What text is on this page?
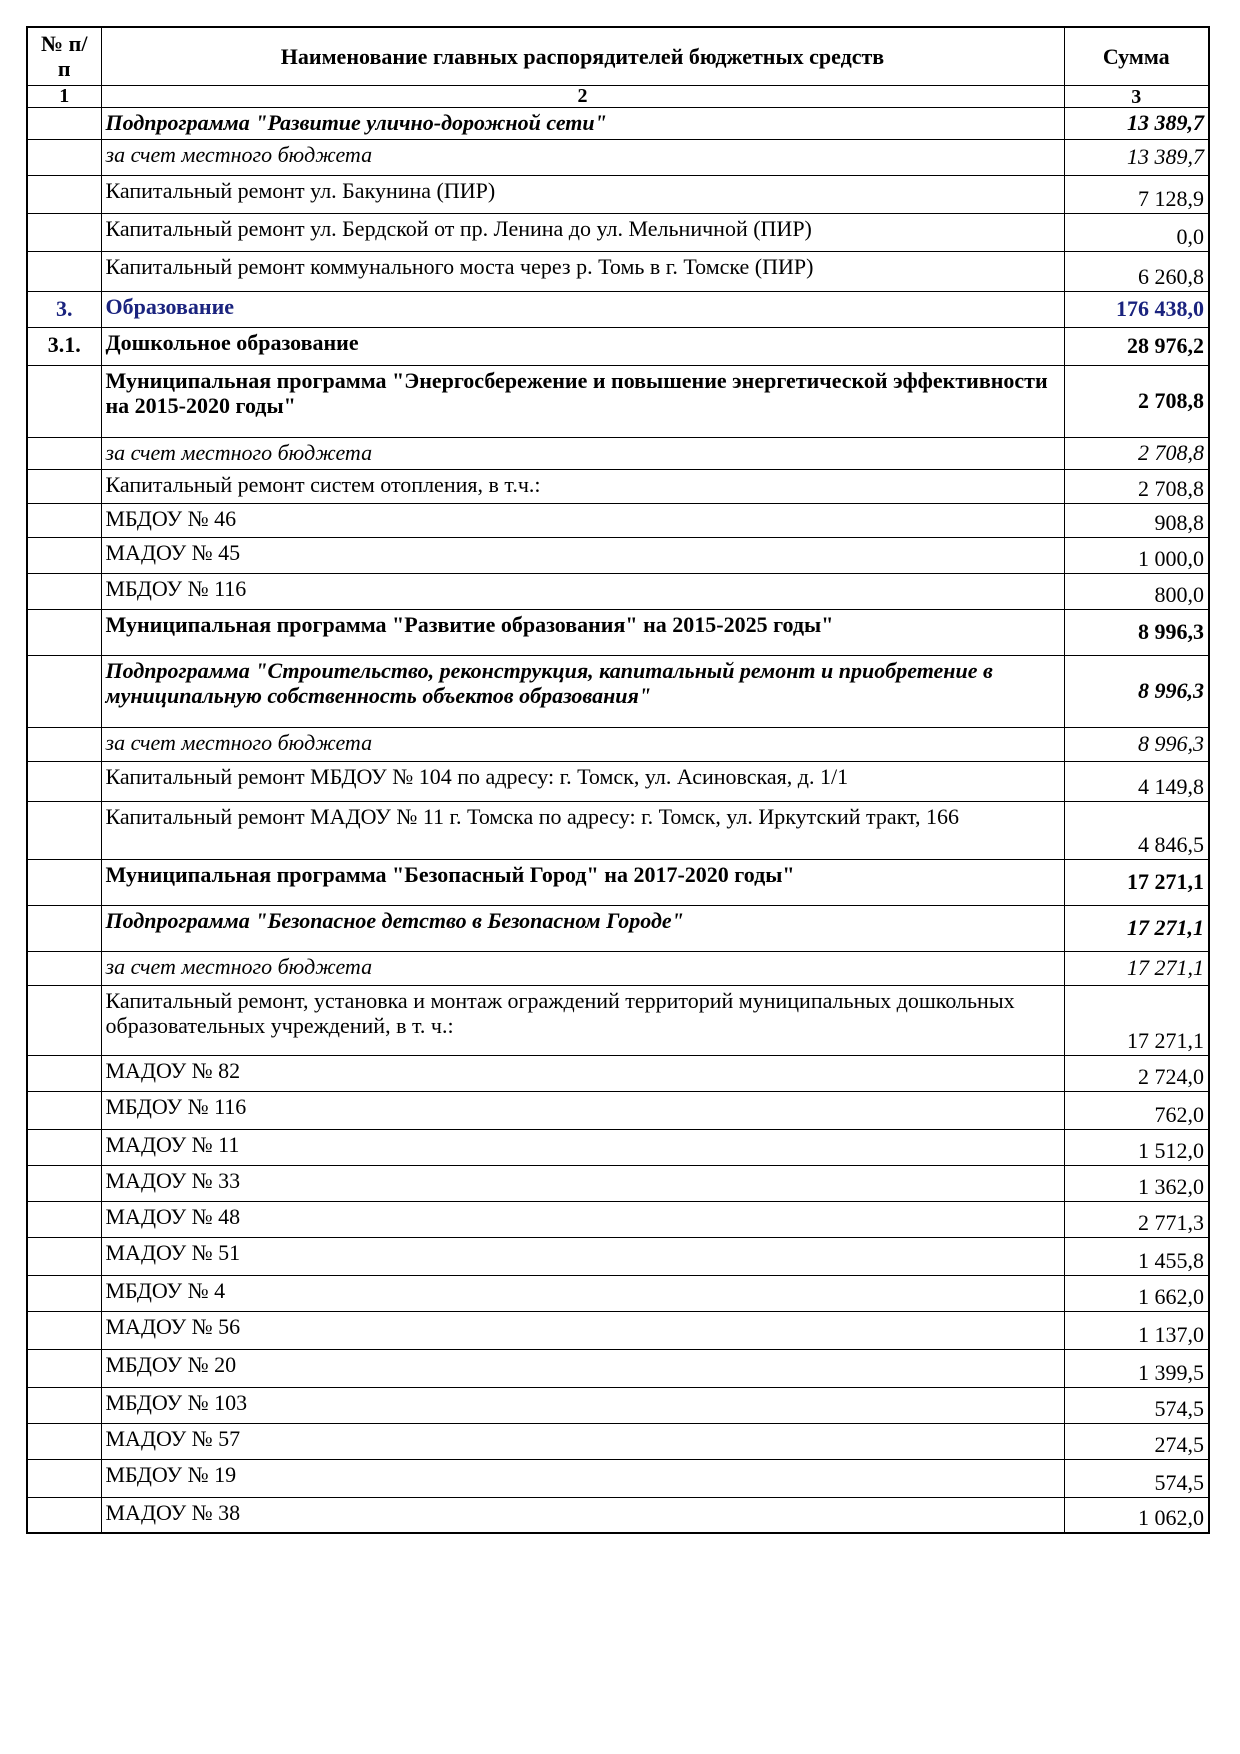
№ п/п	Наименование главных распорядителей бюджетных средств	Сумма
1	2	3
	Подпрограмма "Развитие улично-дорожной сети"	13 389,7
	за счет местного бюджета	13 389,7
	Капитальный ремонт ул. Бакунина (ПИР)	7 128,9
	Капитальный ремонт ул. Бердской от пр. Ленина до ул. Мельничной (ПИР)	0,0
	Капитальный ремонт коммунального моста через р. Томь в г. Томске (ПИР)	6 260,8
3.	Образование	176 438,0
3.1.	Дошкольное образование	28 976,2
	Муниципальная программа "Энергосбережение и повышение энергетической эффективности на 2015-2020 годы"	2 708,8
	за счет местного бюджета	2 708,8
	Капитальный ремонт систем отопления, в т.ч.:	2 708,8
	МБДОУ № 46	908,8
	МАДОУ № 45	1 000,0
	МБДОУ № 116	800,0
	Муниципальная программа "Развитие образования" на 2015-2025 годы"	8 996,3
	Подпрограмма "Строительство, реконструкция, капитальный ремонт и приобретение в муниципальную собственность объектов образования"	8 996,3
	за счет местного бюджета	8 996,3
	Капитальный ремонт МБДОУ № 104 по адресу: г. Томск, ул. Асиновская, д. 1/1	4 149,8
	Капитальный ремонт МАДОУ № 11 г. Томска по адресу: г. Томск, ул. Иркутский тракт, 166	4 846,5
	Муниципальная программа "Безопасный Город" на 2017-2020 годы"	17 271,1
	Подпрограмма "Безопасное детство в Безопасном Городе"	17 271,1
	за счет местного бюджета	17 271,1
	Капитальный ремонт, установка и монтаж ограждений территорий муниципальных дошкольных образовательных учреждений, в т. ч.:	17 271,1
	МАДОУ № 82	2 724,0
	МБДОУ № 116	762,0
	МАДОУ № 11	1 512,0
	МАДОУ № 33	1 362,0
	МАДОУ № 48	2 771,3
	МАДОУ № 51	1 455,8
	МБДОУ № 4	1 662,0
	МАДОУ № 56	1 137,0
	МБДОУ № 20	1 399,5
	МБДОУ № 103	574,5
	МАДОУ № 57	274,5
	МБДОУ № 19	574,5
	МАДОУ № 38	1 062,0
